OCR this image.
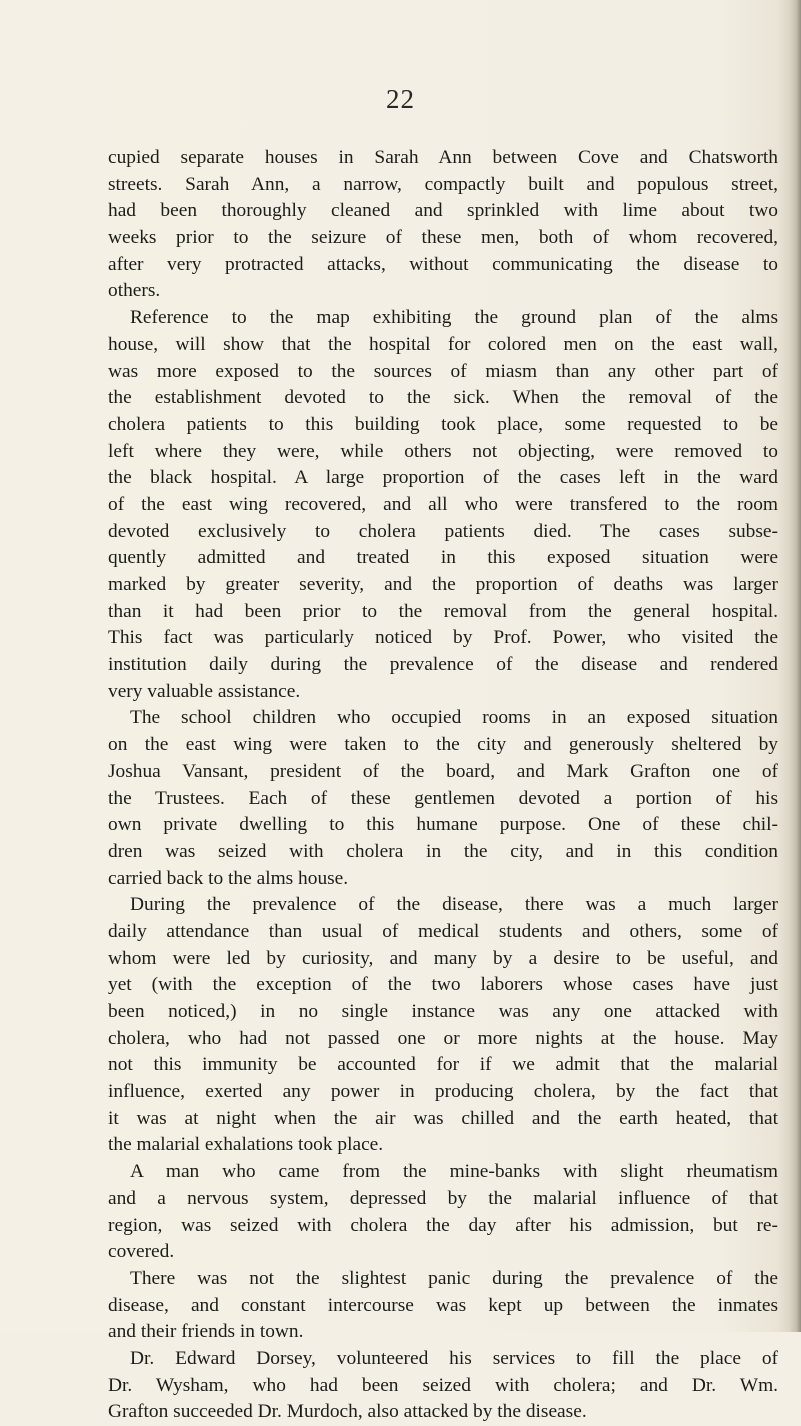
22
cupied separate houses in Sarah Ann between Cove and Chatsworth
streets. Sarah Ann, a narrow, compactly built and populous street,
had been thoroughly cleaned and sprinkled with lime about two
weeks prior to the seizure of these men, both of whom recovered,
after very protracted attacks, without communicating the disease to
others.
Reference to the map exhibiting the ground plan of the alms
house, will show that the hospital for colored men on the east wall,
was more exposed to the sources of miasm than any other part of
the establishment devoted to the sick. When the removal of the
cholera patients to this building took place, some requested to be
left where they were, while others not objecting, were removed to
the black hospital. A large proportion of the cases left in the ward
of the east wing recovered, and all who were transfered to the room
devoted exclusively to cholera patients died. The cases subse-
quently admitted and treated in this exposed situation were
marked by greater severity, and the proportion of deaths was larger
than it had been prior to the removal from the general hospital.
This fact was particularly noticed by Prof. Power, who visited the
institution daily during the prevalence of the disease and rendered
very valuable assistance.
The school children who occupied rooms in an exposed situation
on the east wing were taken to the city and generously sheltered by
Joshua Vansant, president of the board, and Mark Grafton one of
the Trustees. Each of these gentlemen devoted a portion of his
own private dwelling to this humane purpose. One of these chil-
dren was seized with cholera in the city, and in this condition
carried back to the alms house.
During the prevalence of the disease, there was a much larger
daily attendance than usual of medical students and others, some of
whom were led by curiosity, and many by a desire to be useful, and
yet (with the exception of the two laborers whose cases have just
been noticed,) in no single instance was any one attacked with
cholera, who had not passed one or more nights at the house. May
not this immunity be accounted for if we admit that the malarial
influence, exerted any power in producing cholera, by the fact that
it was at night when the air was chilled and the earth heated, that
the malarial exhalations took place.
A man who came from the mine-banks with slight rheumatism
and a nervous system, depressed by the malarial influence of that
region, was seized with cholera the day after his admission, but re-
covered.
There was not the slightest panic during the prevalence of the
disease, and constant intercourse was kept up between the inmates
and their friends in town.
Dr. Edward Dorsey, volunteered his services to fill the place of
Dr. Wysham, who had been seized with cholera; and Dr. Wm.
Grafton succeeded Dr. Murdoch, also attacked by the disease.
